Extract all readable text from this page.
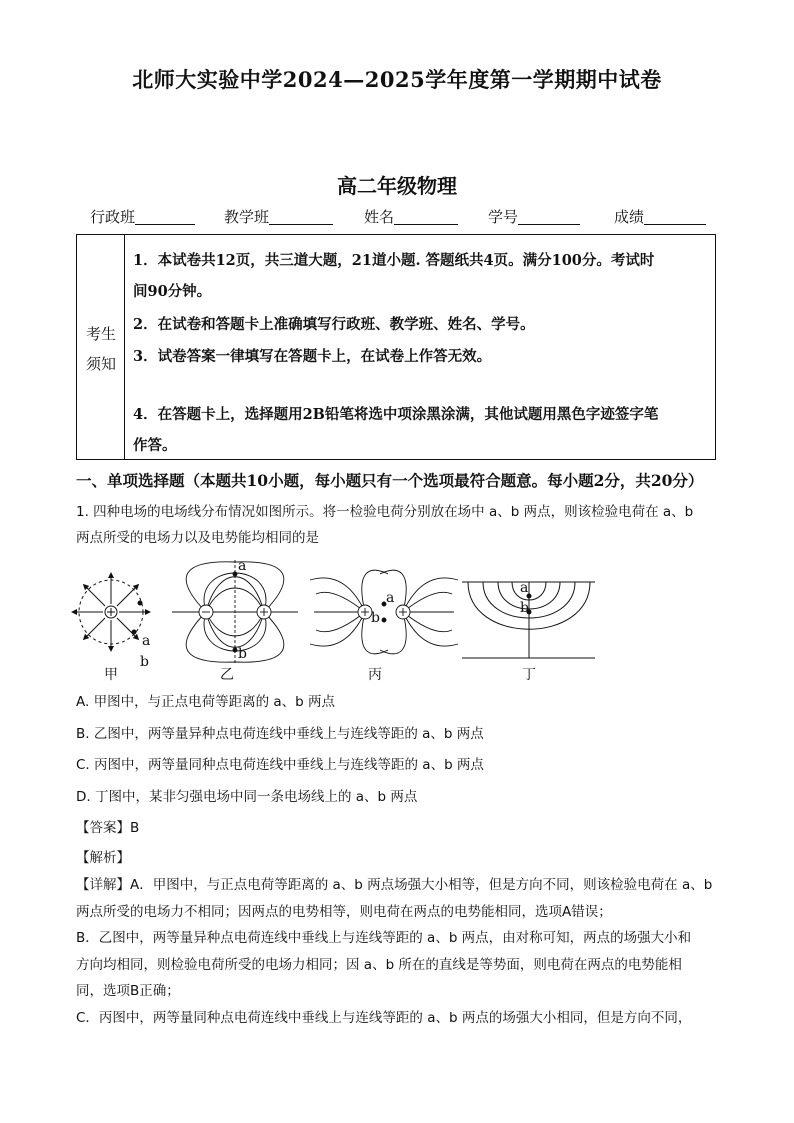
北师大实验中学2024—2025学年度第一学期期中试卷
高二年级物理
行政班	教学班	姓名	学号	成绩
考生
须知

1．本试卷共12页，共三道大题，21道小题. 答题纸共4页。满分100分。考试时

间90分钟。

2．在试卷和答题卡上准确填写行政班、教学班、姓名、学号。

3．试卷答案一律填写在答题卡上，在试卷上作答无效。

4．在答题卡上，选择题用2B铅笔将选中项涂黑涂满，其他试题用黑色字迹签字笔

作答。

一、单项选择题（本题共10小题，每小题只有一个选项最符合题意。每小题2分，共20分）

1. 四种电场的电场线分布情况如图所示。将一检验电荷分别放在场中 a、b 两点，则该检验电荷在 a、b

两点所受的电场力以及电势能均相同的是

a
b
a
b
a
b
a
b
甲	乙	丙	丁
A. 甲图中，与正点电荷等距离的 a、b 两点
B. 乙图中，两等量异种点电荷连线中垂线上与连线等距的 a、b 两点
C. 丙图中，两等量同种点电荷连线中垂线上与连线等距的 a、b 两点
D. 丁图中，某非匀强电场中同一条电场线上的 a、b 两点
【答案】B
【解析】

【详解】A．甲图中，与正点电荷等距离的 a、b 两点场强大小相等，但是方向不同，则该检验电荷在 a、b

两点所受的电场力不相同；因两点的电势相等，则电荷在两点的电势能相同，选项A错误；

B．乙图中，两等量异种点电荷连线中垂线上与连线等距的 a、b 两点，由对称可知，两点的场强大小和

方向均相同，则检验电荷所受的电场力相同；因 a、b 所在的直线是等势面，则电荷在两点的电势能相

同，选项B正确；

C．丙图中，两等量同种点电荷连线中垂线上与连线等距的 a、b 两点的场强大小相同，但是方向不同，
